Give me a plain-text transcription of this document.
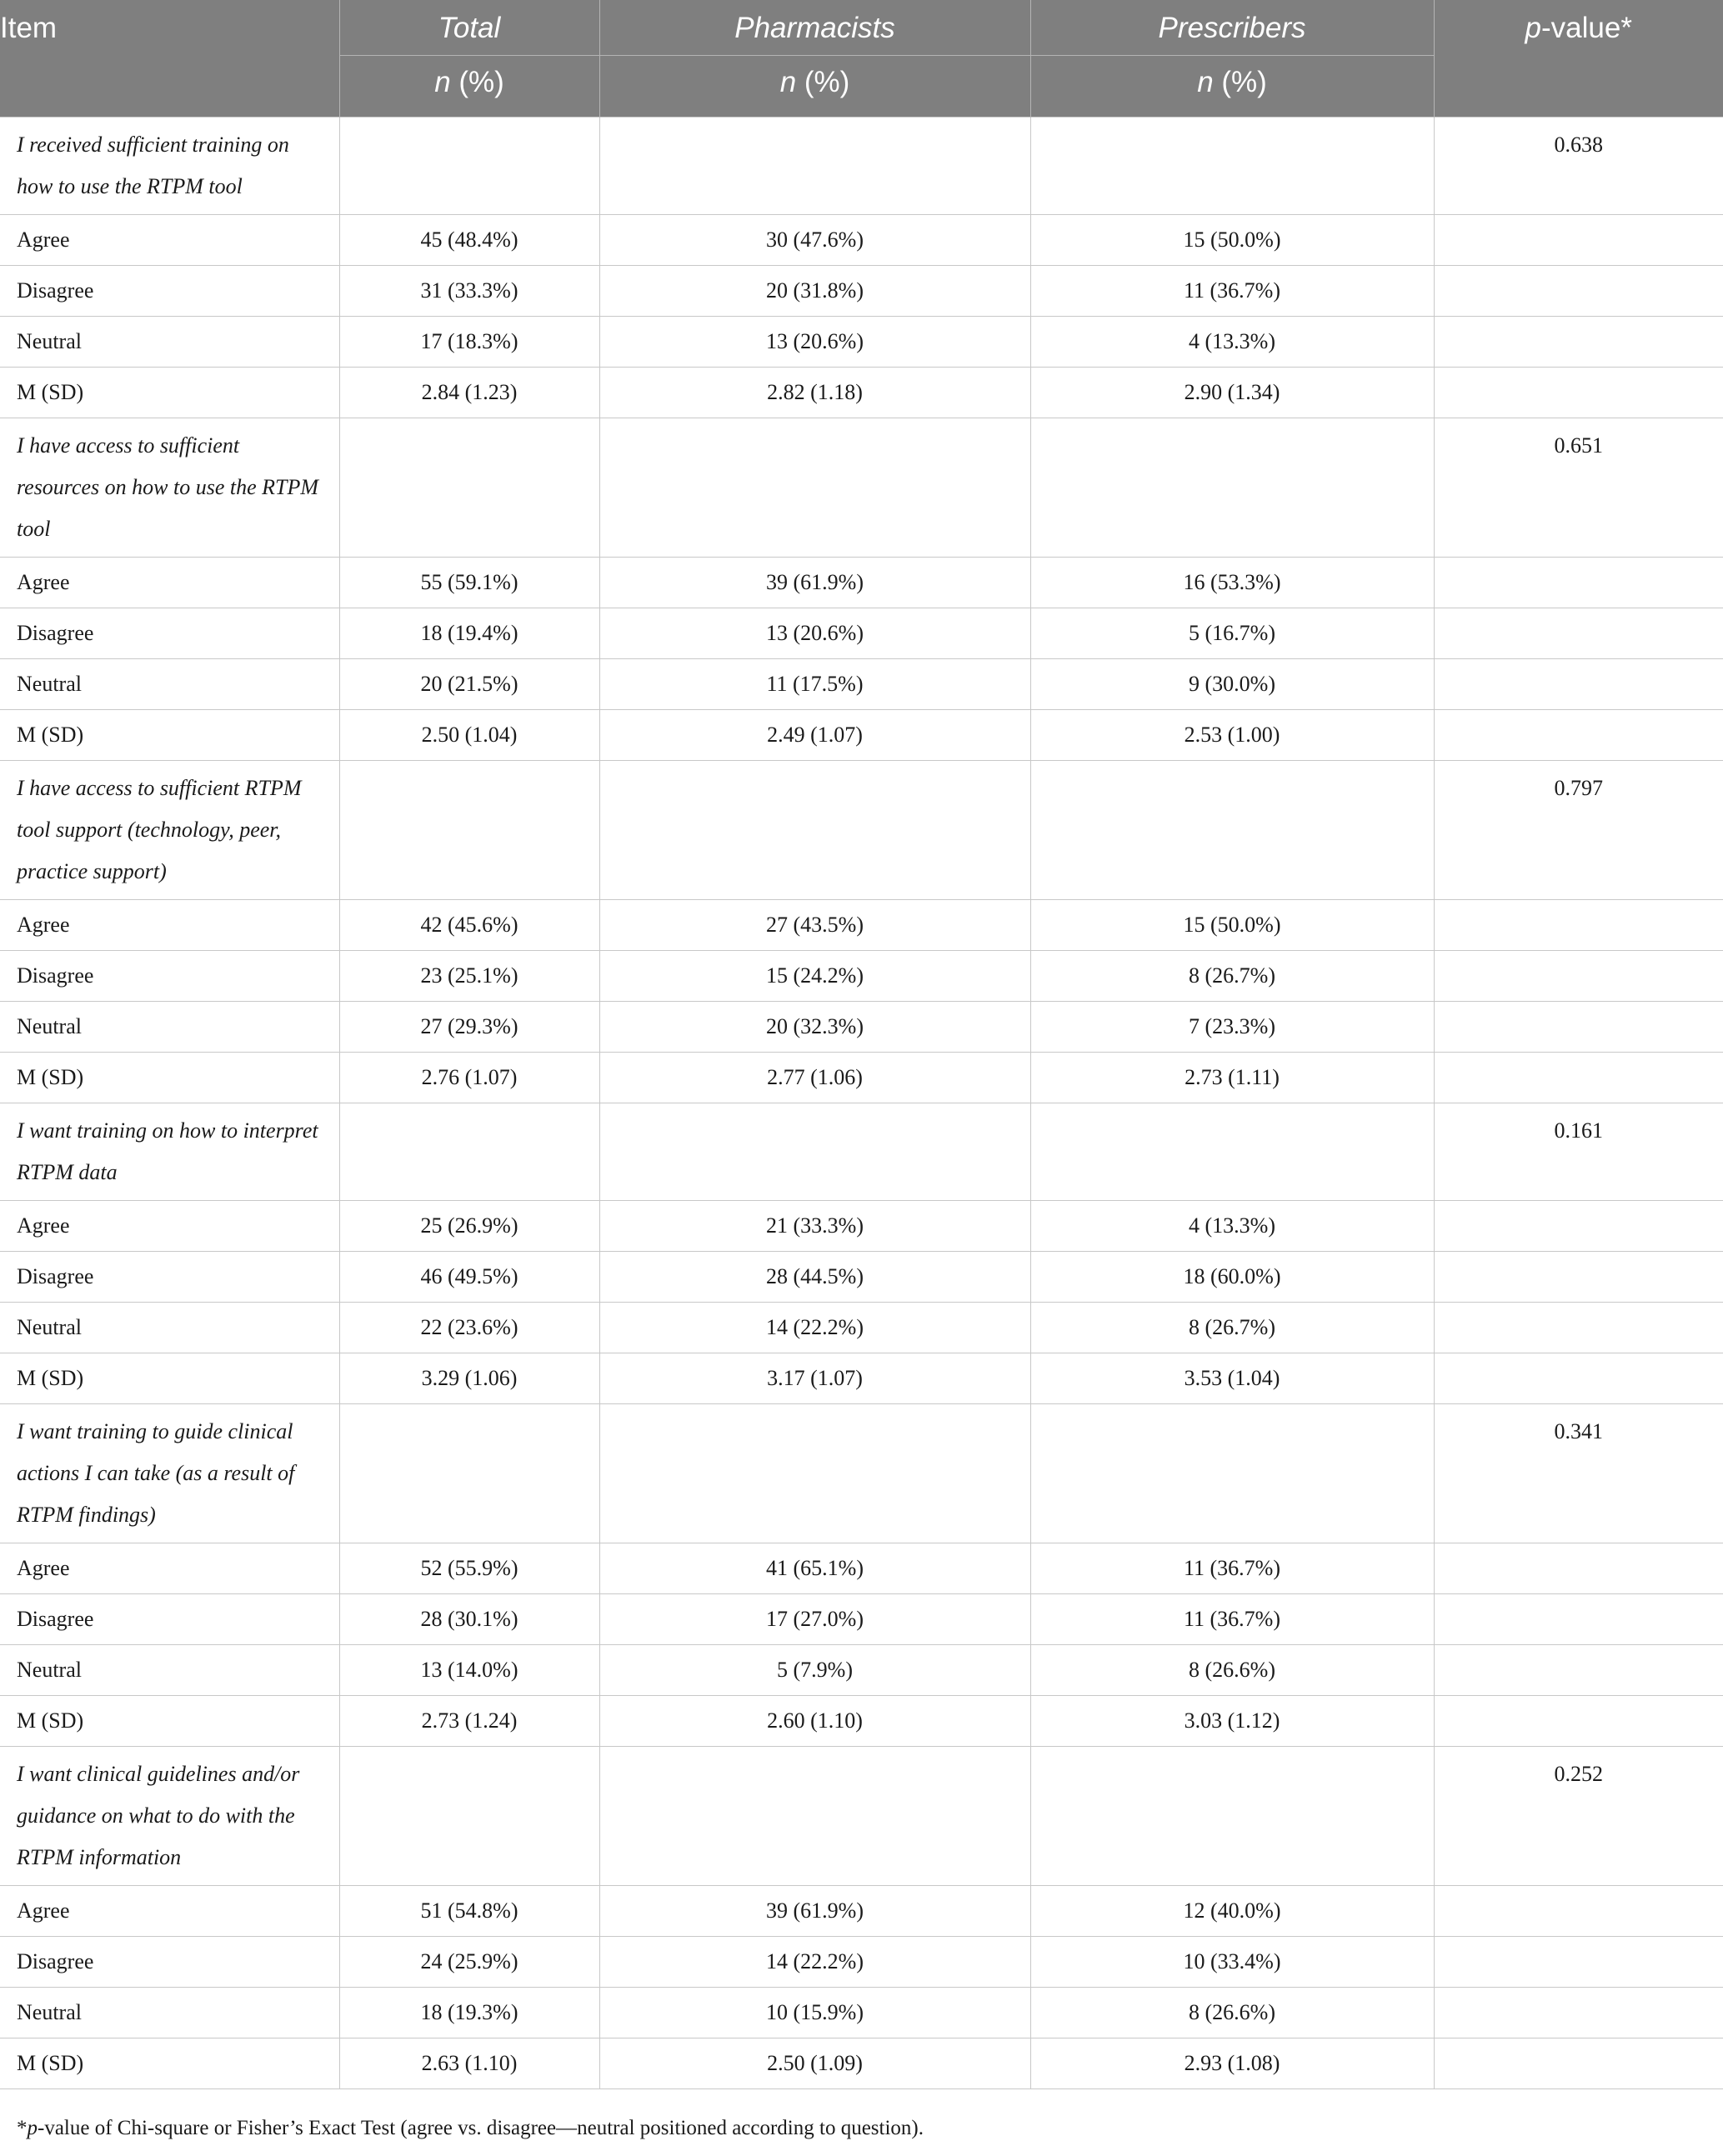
Item	Total	Pharmacists	Prescribers	p-value*
	n (%)	n (%)	n (%)	
I received sufficient training on how to use the RTPM tool				0.638
Agree	45 (48.4%)	30 (47.6%)	15 (50.0%)	
Disagree	31 (33.3%)	20 (31.8%)	11 (36.7%)	
Neutral	17 (18.3%)	13 (20.6%)	4 (13.3%)	
M (SD)	2.84 (1.23)	2.82 (1.18)	2.90 (1.34)	
I have access to sufficient resources on how to use the RTPM tool				0.651
Agree	55 (59.1%)	39 (61.9%)	16 (53.3%)	
Disagree	18 (19.4%)	13 (20.6%)	5 (16.7%)	
Neutral	20 (21.5%)	11 (17.5%)	9 (30.0%)	
M (SD)	2.50 (1.04)	2.49 (1.07)	2.53 (1.00)	
I have access to sufficient RTPM tool support (technology, peer, practice support)				0.797
Agree	42 (45.6%)	27 (43.5%)	15 (50.0%)	
Disagree	23 (25.1%)	15 (24.2%)	8 (26.7%)	
Neutral	27 (29.3%)	20 (32.3%)	7 (23.3%)	
M (SD)	2.76 (1.07)	2.77 (1.06)	2.73 (1.11)	
I want training on how to interpret RTPM data				0.161
Agree	25 (26.9%)	21 (33.3%)	4 (13.3%)	
Disagree	46 (49.5%)	28 (44.5%)	18 (60.0%)	
Neutral	22 (23.6%)	14 (22.2%)	8 (26.7%)	
M (SD)	3.29 (1.06)	3.17 (1.07)	3.53 (1.04)	
I want training to guide clinical actions I can take (as a result of RTPM findings)				0.341
Agree	52 (55.9%)	41 (65.1%)	11 (36.7%)	
Disagree	28 (30.1%)	17 (27.0%)	11 (36.7%)	
Neutral	13 (14.0%)	5 (7.9%)	8 (26.6%)	
M (SD)	2.73 (1.24)	2.60 (1.10)	3.03 (1.12)	
I want clinical guidelines and/or guidance on what to do with the RTPM information				0.252
Agree	51 (54.8%)	39 (61.9%)	12 (40.0%)	
Disagree	24 (25.9%)	14 (22.2%)	10 (33.4%)	
Neutral	18 (19.3%)	10 (15.9%)	8 (26.6%)	
M (SD)	2.63 (1.10)	2.50 (1.09)	2.93 (1.08)	
*p-value of Chi-square or Fisher’s Exact Test (agree vs. disagree—neutral positioned according to question).
